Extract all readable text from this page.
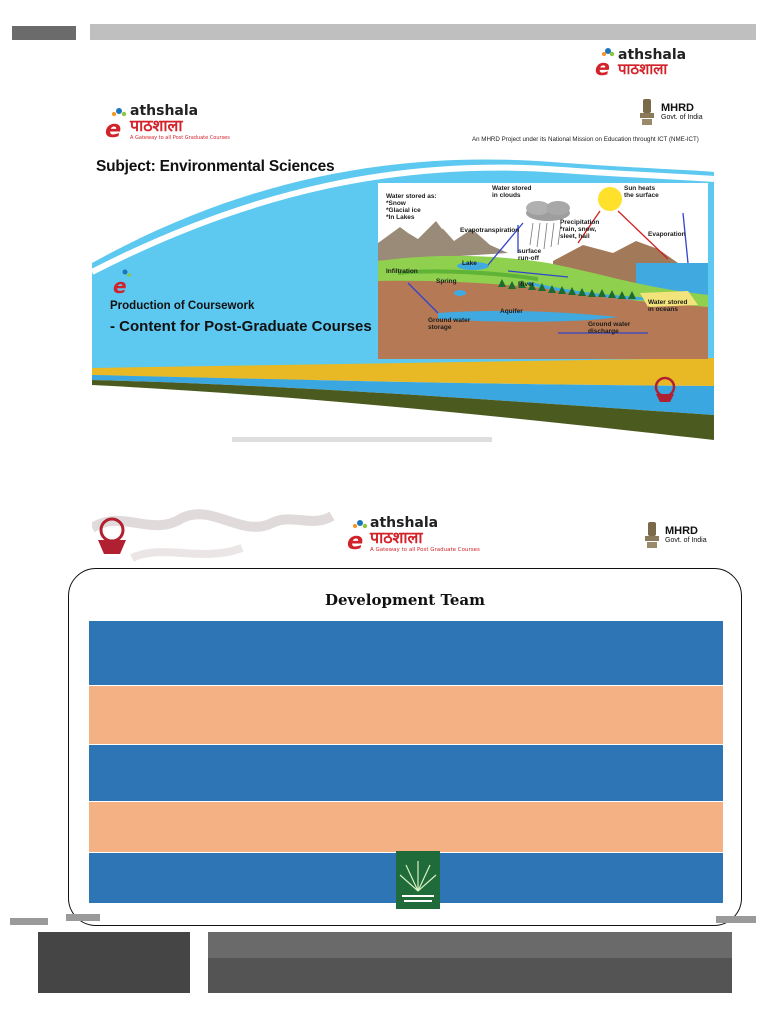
e
athshala
पाठशाला
e
athshala
पाठशाला
A Gateway to all Post Graduate Courses
Subject: Environmental Sciences
MHRD
Govt. of India
An MHRD Project under its National Mission on Education throught ICT (NME-ICT)
e
Production of Coursework
- Content for Post-Graduate Courses
Water stored as:
*Snow
*Glacial ice
*In Lakes
Water stored
in clouds
Sun heats
the surface
Evapotranspiration
Precipitation
*rain, snow,
sleet, hail	Evaporation
surface
run-off
Lake
Infiltration
Spring	River
Water stored
in oceans
Aquifer
Ground water
storage	Ground water
discharge
e
athshala
पाठशाला
A Gateway to all Post Graduate Courses
MHRD
Govt. of India
Development Team
